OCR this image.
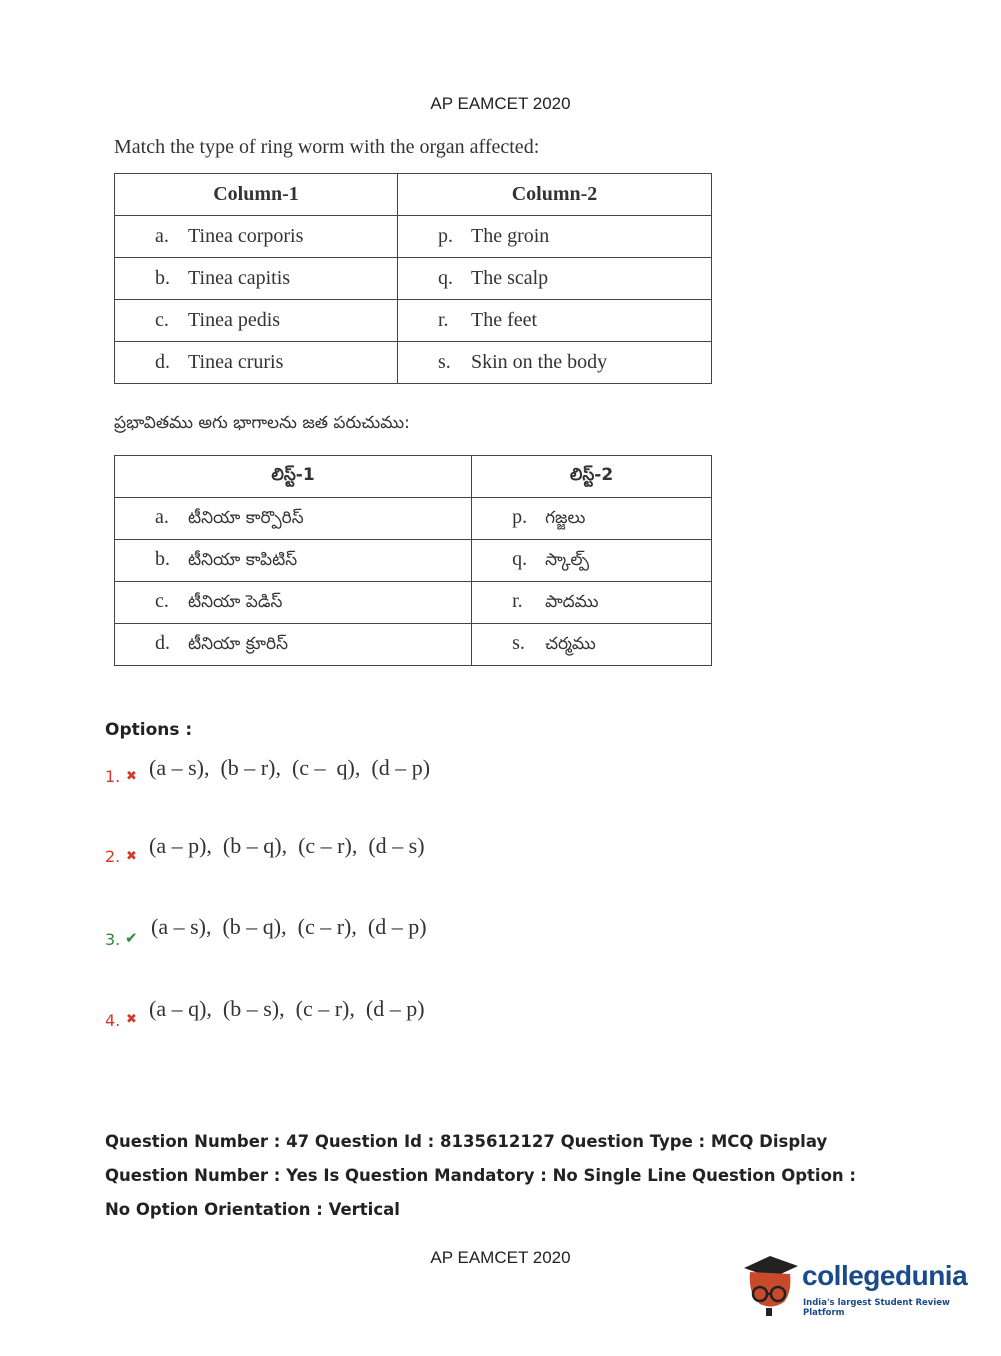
AP EAMCET 2020
Match the type of ring worm with the organ affected:
Column-1	Column-2
a. Tinea corporis	p. The groin
b. Tinea capitis	q. The scalp
c. Tinea pedis	r. The feet
d. Tinea cruris	s. Skin on the body
ప్రభావితము అగు భాగాలను జత పరుచుము:
లిస్ట్-1	లిస్ట్-2
a. టీనియా కార్పొరిస్	p. గజ్జలు
b. టీనియా కాపిటిస్	q. స్కాల్ప్
c. టీనియా పెడిస్	r. పాదము
d. టీనియా క్రూరిస్	s. చర్మము
Options :
1. ✖ (a – s),  (b – r),  (c –  q),  (d – p)
2. ✖ (a – p),  (b – q),  (c – r),  (d – s)
3. ✔ (a – s),  (b – q),  (c – r),  (d – p)
4. ✖ (a – q),  (b – s),  (c – r),  (d – p)
Question Number : 47 Question Id : 8135612127 Question Type : MCQ Display Question Number : Yes Is Question Mandatory : No Single Line Question Option : No Option Orientation : Vertical
AP EAMCET 2020
collegedunia
India's largest Student Review Platform
